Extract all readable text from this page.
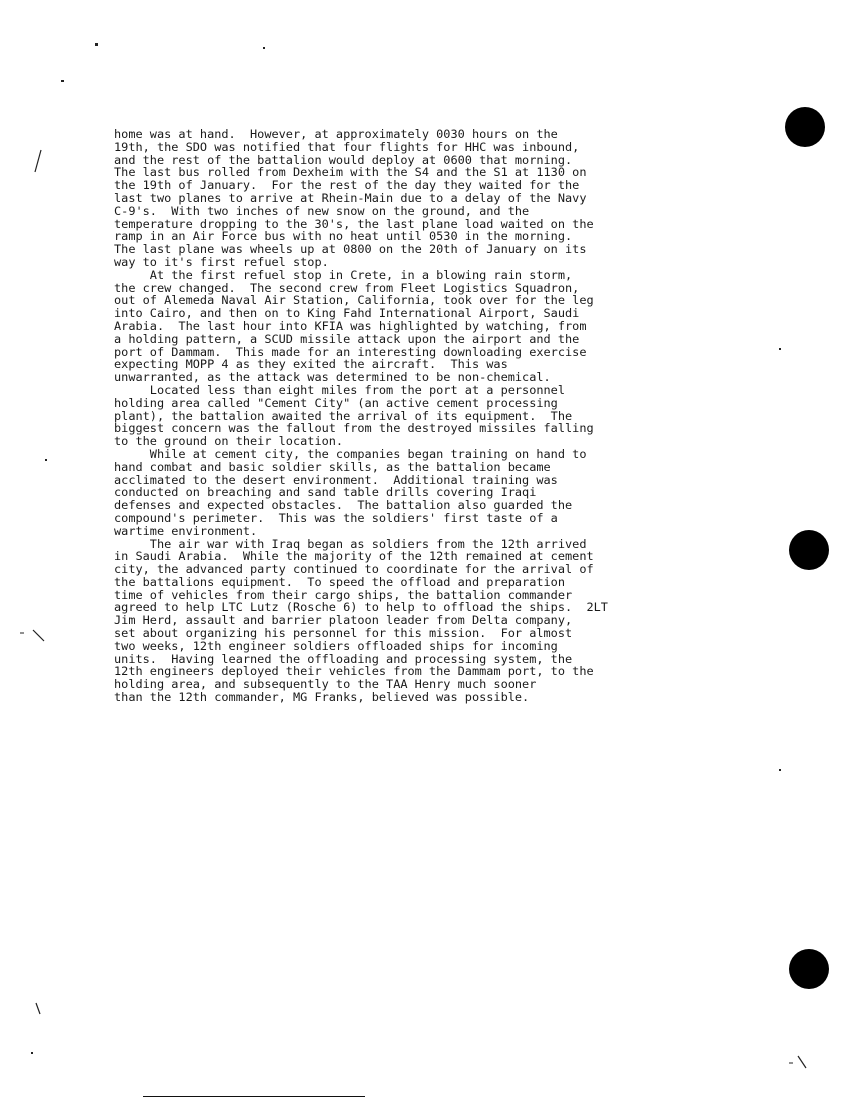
home was at hand.  However, at approximately 0030 hours on the
19th, the SDO was notified that four flights for HHC was inbound,
and the rest of the battalion would deploy at 0600 that morning.
The last bus rolled from Dexheim with the S4 and the S1 at 1130 on
the 19th of January.  For the rest of the day they waited for the
last two planes to arrive at Rhein-Main due to a delay of the Navy
C-9's.  With two inches of new snow on the ground, and the
temperature dropping to the 30's, the last plane load waited on the
ramp in an Air Force bus with no heat until 0530 in the morning.
The last plane was wheels up at 0800 on the 20th of January on its
way to it's first refuel stop.
At the first refuel stop in Crete, in a blowing rain storm,
the crew changed.  The second crew from Fleet Logistics Squadron,
out of Alemeda Naval Air Station, California, took over for the leg
into Cairo, and then on to King Fahd International Airport, Saudi
Arabia.  The last hour into KFIA was highlighted by watching, from
a holding pattern, a SCUD missile attack upon the airport and the
port of Dammam.  This made for an interesting downloading exercise
expecting MOPP 4 as they exited the aircraft.  This was
unwarranted, as the attack was determined to be non-chemical.
Located less than eight miles from the port at a personnel
holding area called "Cement City" (an active cement processing
plant), the battalion awaited the arrival of its equipment.  The
biggest concern was the fallout from the destroyed missiles falling
to the ground on their location.
While at cement city, the companies began training on hand to
hand combat and basic soldier skills, as the battalion became
acclimated to the desert environment.  Additional training was
conducted on breaching and sand table drills covering Iraqi
defenses and expected obstacles.  The battalion also guarded the
compound's perimeter.  This was the soldiers' first taste of a
wartime environment.
The air war with Iraq began as soldiers from the 12th arrived
in Saudi Arabia.  While the majority of the 12th remained at cement
city, the advanced party continued to coordinate for the arrival of
the battalions equipment.  To speed the offload and preparation
time of vehicles from their cargo ships, the battalion commander
agreed to help LTC Lutz (Rosche 6) to help to offload the ships.  2LT
Jim Herd, assault and barrier platoon leader from Delta company,
set about organizing his personnel for this mission.  For almost
two weeks, 12th engineer soldiers offloaded ships for incoming
units.  Having learned the offloading and processing system, the
12th engineers deployed their vehicles from the Dammam port, to the
holding area, and subsequently to the TAA Henry much sooner
than the 12th commander, MG Franks, believed was possible.
